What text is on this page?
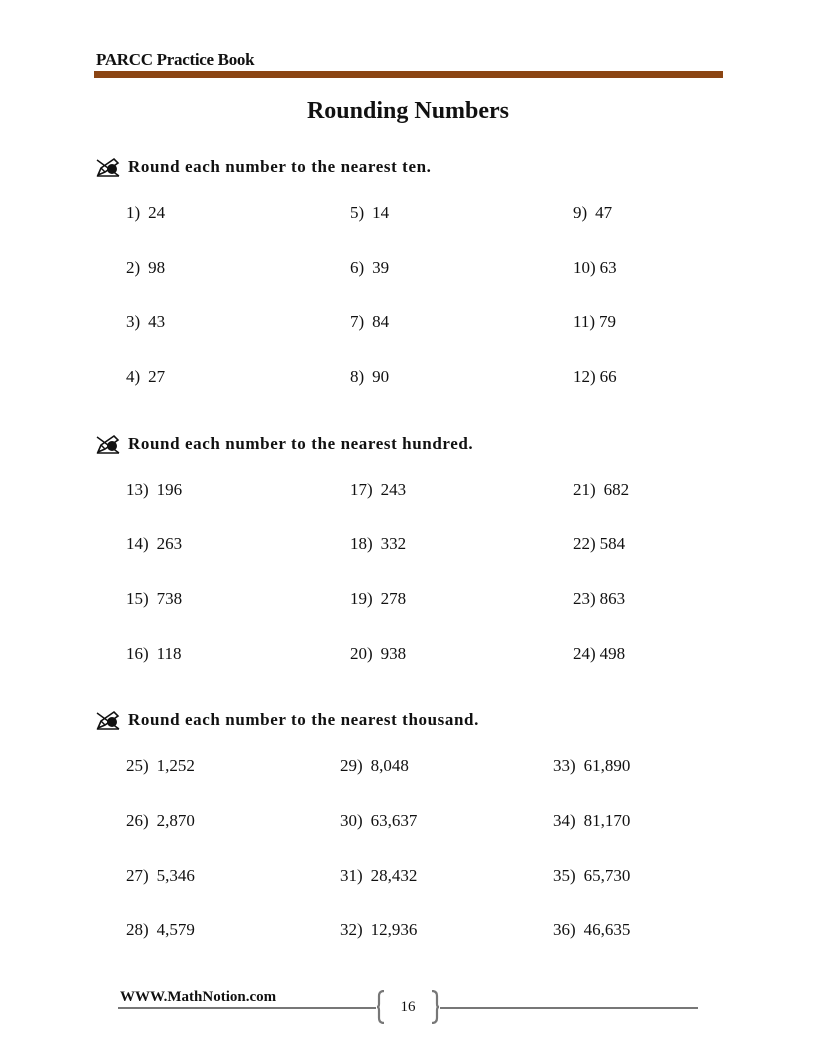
PARCC Practice Book
Rounding Numbers
Round each number to the nearest ten.
1) 24
2) 98
3) 43
4) 27
5) 14
6) 39
7) 84
8) 90
9) 47
10) 63
11) 79
12) 66
Round each number to the nearest hundred.
13) 196
14) 263
15) 738
16) 118
17) 243
18) 332
19) 278
20) 938
21) 682
22) 584
23) 863
24) 498
Round each number to the nearest thousand.
25) 1,252
26) 2,870
27) 5,346
28) 4,579
29) 8,048
30) 63,637
31) 28,432
32) 12,936
33) 61,890
34) 81,170
35) 65,730
36) 46,635
WWW.MathNotion.com
16
